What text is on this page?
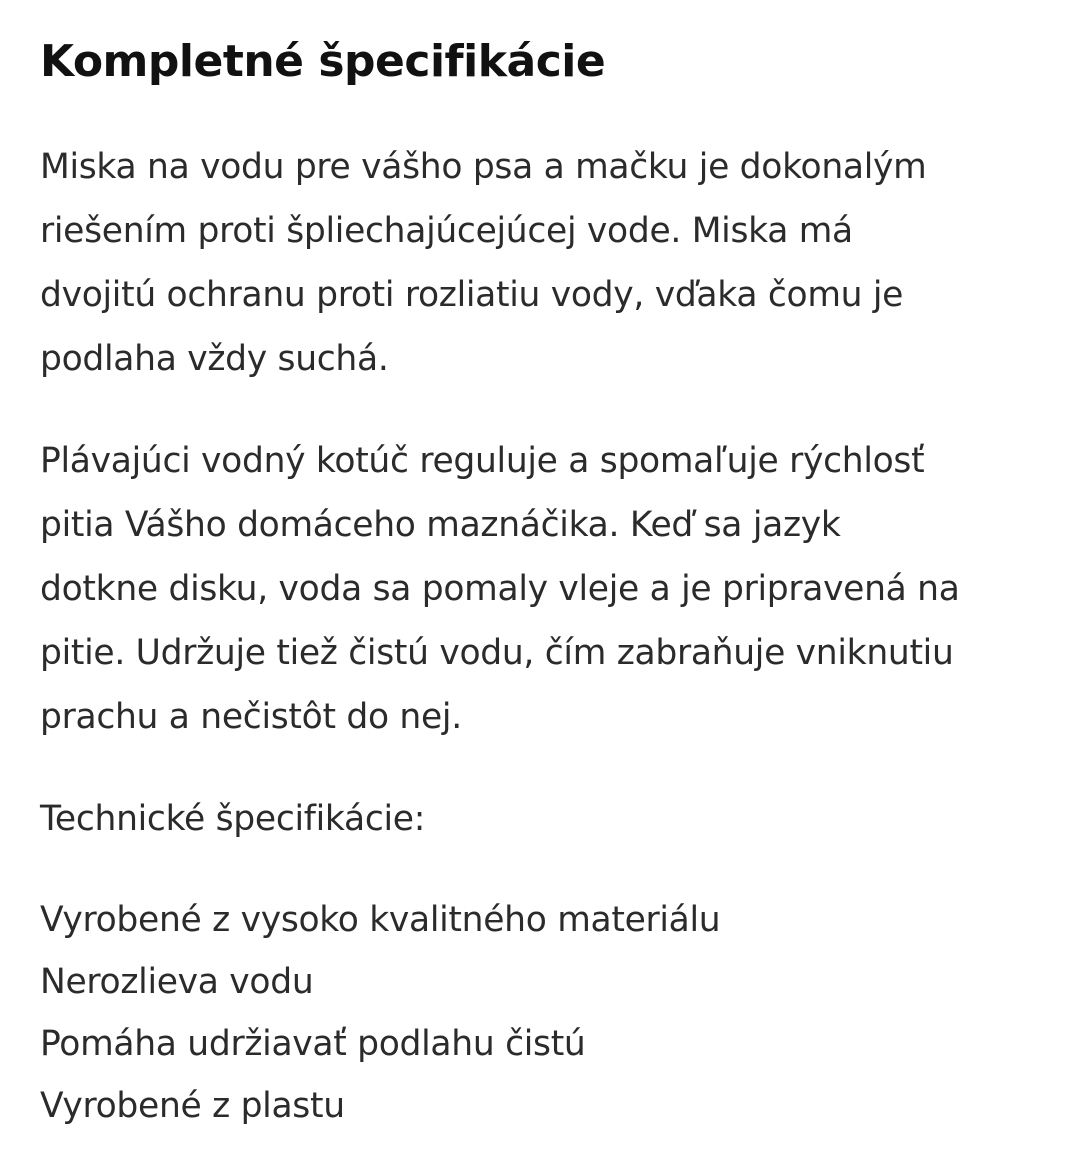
Kompletné špecifikácie

Miska na vodu pre vášho psa a mačku je dokonalým
riešením proti špliechajúcejúcej vode. Miska má
dvojitú ochranu proti rozliatiu vody, vďaka čomu je
podlaha vždy suchá.

Plávajúci vodný kotúč reguluje a spomaľuje rýchlosť
pitia Vášho domáceho maznáčika. Keď sa jazyk
dotkne disku, voda sa pomaly vleje a je pripravená na
pitie. Udržuje tiež čistú vodu, čím zabraňuje vniknutiu
prachu a nečistôt do nej.

Technické špecifikácie:

Vyrobené z vysoko kvalitného materiálu
Nerozlieva vodu
Pomáha udržiavať podlahu čistú
Vyrobené z plastu
